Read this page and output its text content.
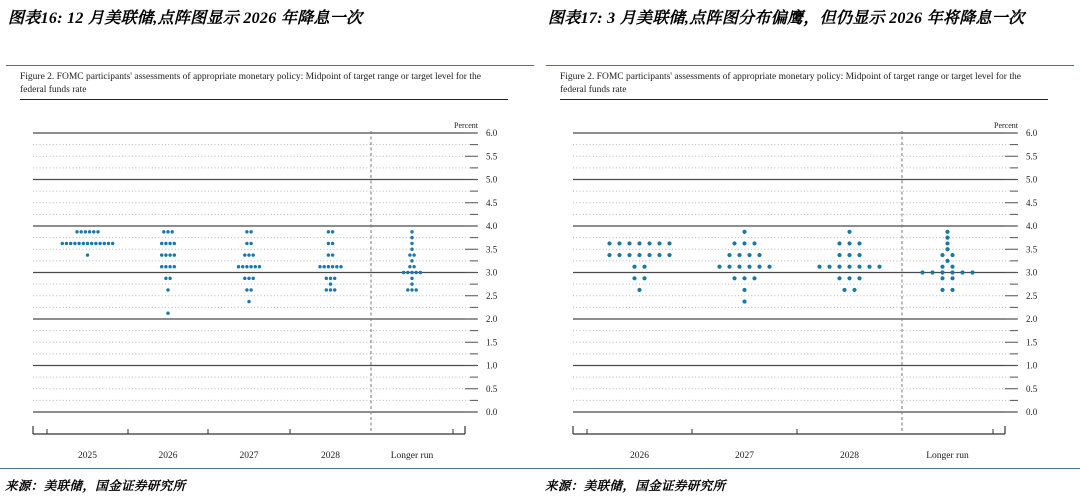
图表16: 12 月美联储,点阵图显示 2026 年降息一次
Figure 2. FOMC participants' assessments of appropriate monetary policy: Midpoint of target range or target level for the federal funds rate
6.0
5.5
5.0
4.5
4.0
3.5
3.0
2.5
2.0
1.5
1.0
0.5
0.0
Percent
2025	2026	2027	2028	Longer run
来源：美联储，国金证券研究所
图表17: 3 月美联储,点阵图分布偏鹰，但仍显示 2026 年将降息一次
Figure 2. FOMC participants' assessments of appropriate monetary policy: Midpoint of target range or target level for the federal funds rate
6.0
5.5
5.0
4.5
4.0
3.5
3.0
2.5
2.0
1.5
1.0
0.5
0.0
Percent
2026	2027	2028	Longer run
来源：美联储，国金证券研究所
